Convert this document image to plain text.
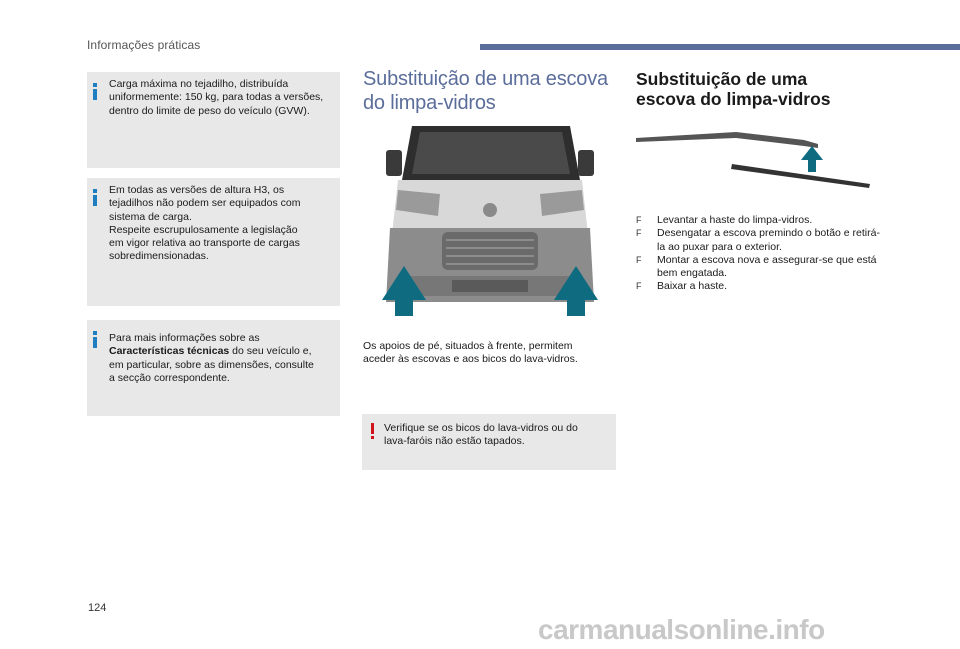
Informações práticas
Carga máxima no tejadilho, distribuída
uniformemente: 150 kg, para todas a versões,
dentro do limite de peso do veículo (GVW).
Em todas as versões de altura H3, os
tejadilhos não podem ser equipados com
sistema de carga.
Respeite escrupulosamente a legislação
em vigor relativa ao transporte de cargas
sobredimensionadas.
Para mais informações sobre as
Características técnicas do seu veículo e,
em particular, sobre as dimensões, consulte
a secção correspondente.
Substituição de uma escova
do limpa-vidros
Os apoios de pé, situados à frente, permitem
aceder às escovas e aos bicos do lava-vidros.
Verifique se os bicos do lava-vidros ou do
lava-faróis não estão tapados.
Substituição de uma
escova do limpa-vidros
F Levantar a haste do limpa-vidros.
F Desengatar a escova premindo o botão e retirá-
la ao puxar para o exterior.
F Montar a escova nova e assegurar-se que está
bem engatada.
F Baixar a haste.
124
carmanualsonline.info
